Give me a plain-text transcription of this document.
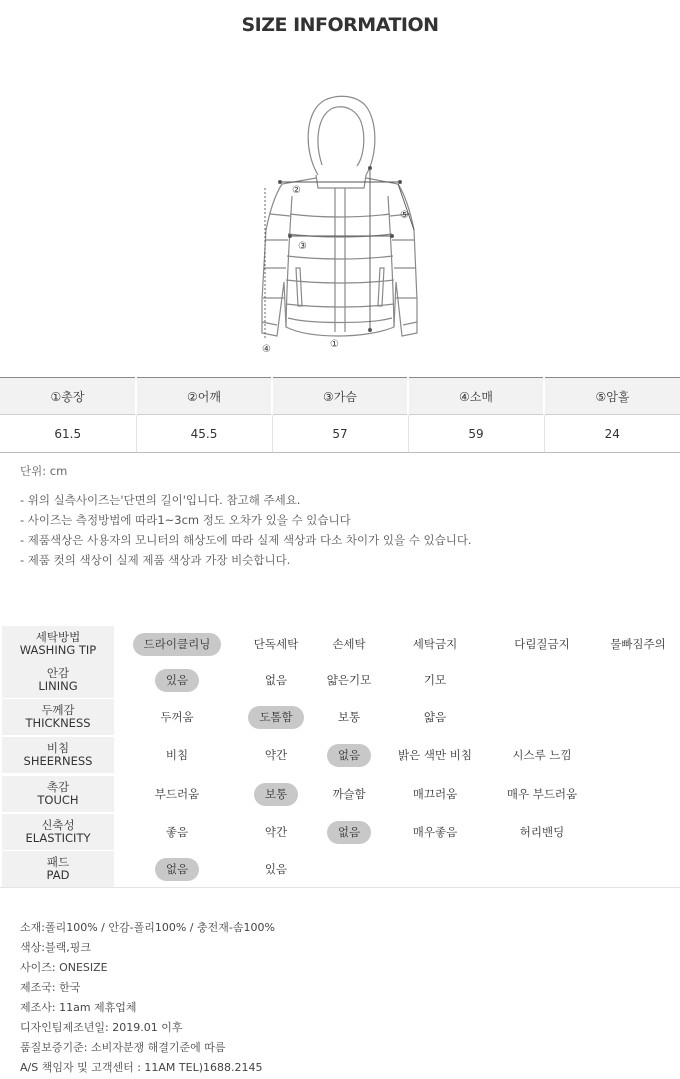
SIZE INFORMATION
②
③
①
④
⑤
①총장	②어깨	③가슴	④소매	⑤암홀
61.5	45.5	57	59	24
단위: cm
- 위의 실측사이즈는'단면의 길이'입니다. 참고해 주세요.
- 사이즈는 측정방법에 따라1~3cm 정도 오차가 있을 수 있습니다
- 제품색상은 사용자의 모니터의 해상도에 따라 실제 색상과 다소 차이가 있을 수 있습니다.
- 제품 컷의 색상이 실제 제품 색상과 가장 비슷합니다.
세탁방법
WASHING TIP	드라이클리닝	단독세탁	손세탁	세탁금지	다림질금지	물빠짐주의
안감
LINING	있음	없음	얇은기모	기모
두께감
THICKNESS	두꺼움	도톰함	보통	얇음
비침
SHEERNESS	비침	약간	없음	밝은 색만 비침	시스루 느낌
촉감
TOUCH	부드러움	보통	까슬함	매끄러움	매우 부드러움
신축성
ELASTICITY	좋음	약간	없음	매우좋음	허리밴딩
패드
PAD	없음	있음
소재:폴리100% / 안감-폴리100% / 충전재-솜100%
색상:블랙,핑크
사이즈: ONESIZE
제조국: 한국
제조사: 11am 제휴업체
디자인팀제조년일: 2019.01 이후
품질보증기준: 소비자분쟁 해결기준에 따름
A/S 책임자 및 고객센터 : 11AM TEL)1688.2145
